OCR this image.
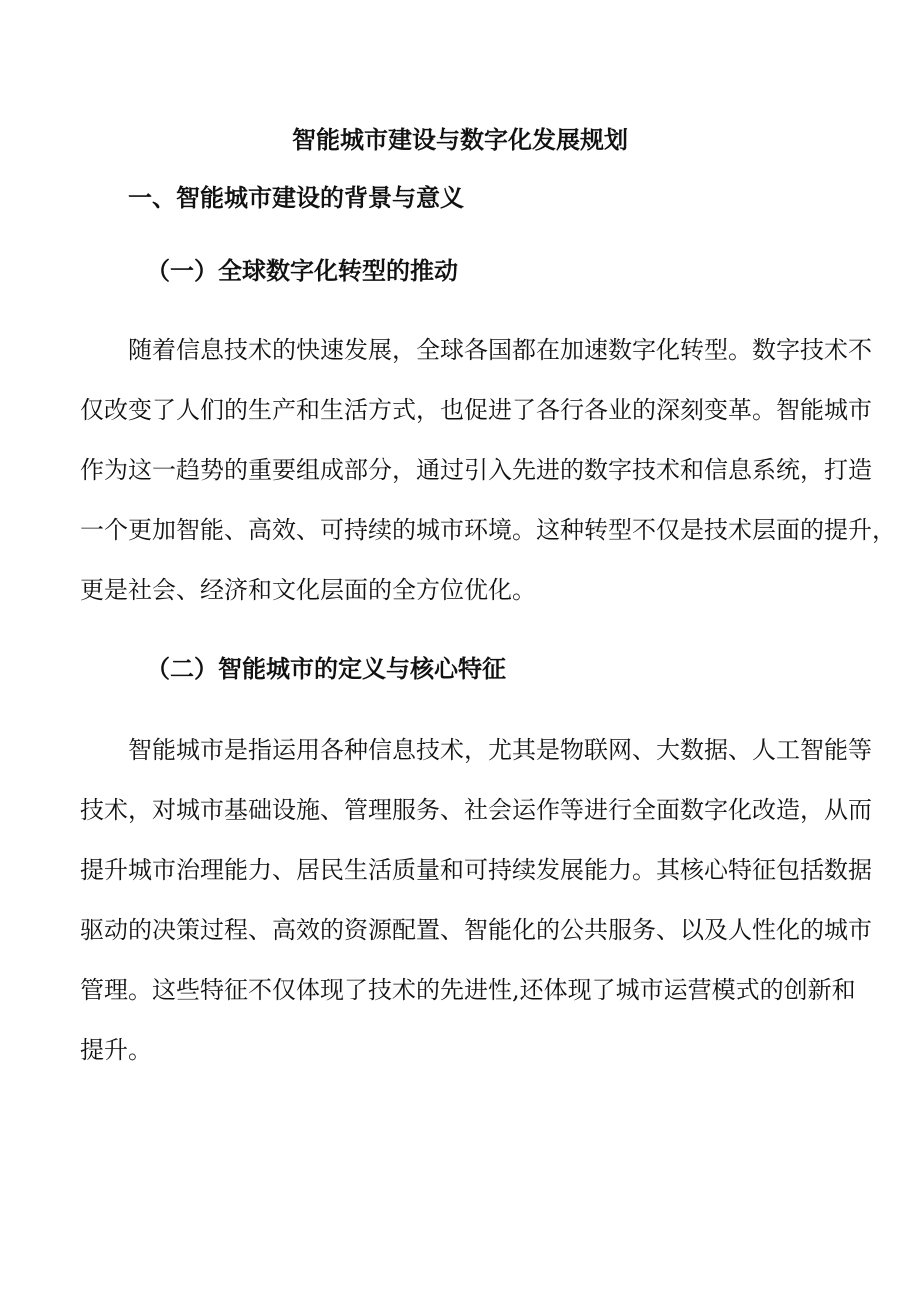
智能城市建设与数字化发展规划
一、智能城市建设的背景与意义
（一）全球数字化转型的推动
随着信息技术的快速发展，全球各国都在加速数字化转型。数字技术不
仅改变了人们的生产和生活方式，也促进了各行各业的深刻变革。智能城市
作为这一趋势的重要组成部分，通过引入先进的数字技术和信息系统，打造
一个更加智能、高效、可持续的城市环境。这种转型不仅是技术层面的提升，
更是社会、经济和文化层面的全方位优化。
（二）智能城市的定义与核心特征
智能城市是指运用各种信息技术，尤其是物联网、大数据、人工智能等
技术，对城市基础设施、管理服务、社会运作等进行全面数字化改造，从而
提升城市治理能力、居民生活质量和可持续发展能力。其核心特征包括数据
驱动的决策过程、高效的资源配置、智能化的公共服务、以及人性化的城市
管理。这些特征不仅体现了技术的先进性,还体现了城市运营模式的创新和
提升。
